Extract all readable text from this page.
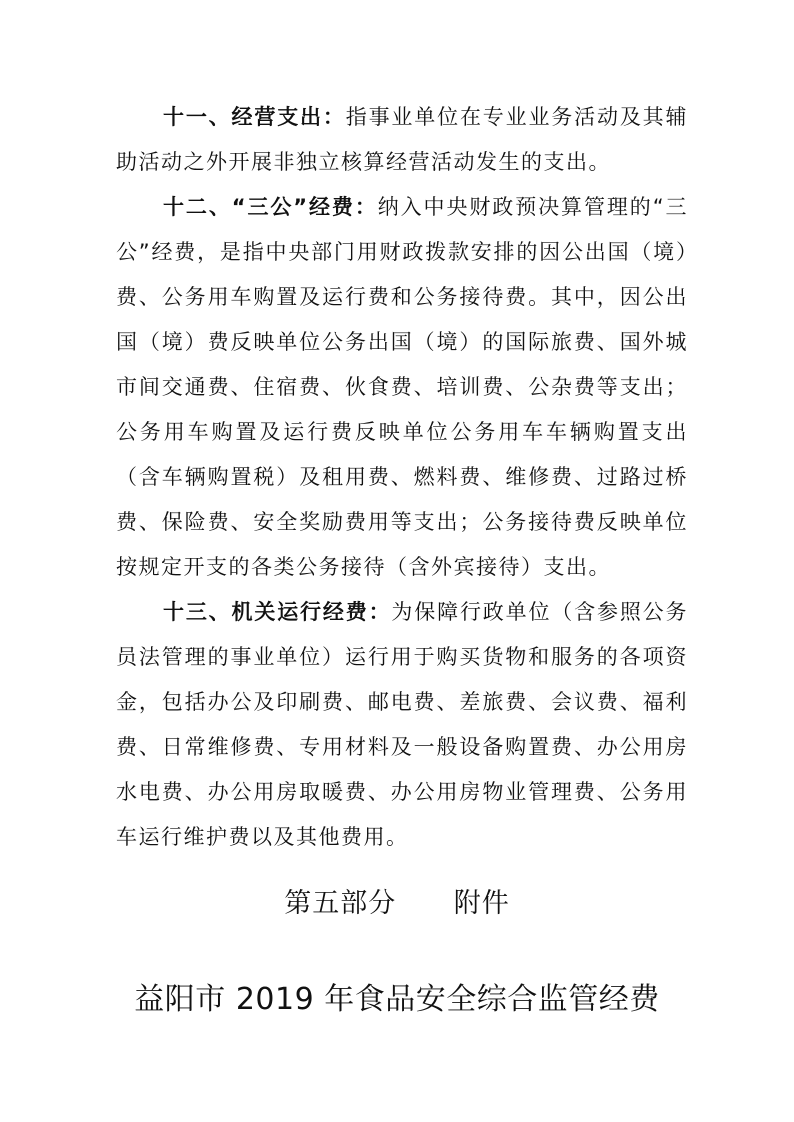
十一、经营支出：指事业单位在专业业务活动及其辅助活动之外开展非独立核算经营活动发生的支出。

十二、“三公”经费：纳入中央财政预决算管理的“三公”经费，是指中央部门用财政拨款安排的因公出国（境）费、公务用车购置及运行费和公务接待费。其中，因公出国（境）费反映单位公务出国（境）的国际旅费、国外城市间交通费、住宿费、伙食费、培训费、公杂费等支出；公务用车购置及运行费反映单位公务用车车辆购置支出（含车辆购置税）及租用费、燃料费、维修费、过路过桥费、保险费、安全奖励费用等支出；公务接待费反映单位按规定开支的各类公务接待（含外宾接待）支出。

十三、机关运行经费：为保障行政单位（含参照公务员法管理的事业单位）运行用于购买货物和服务的各项资金，包括办公及印刷费、邮电费、差旅费、会议费、福利费、日常维修费、专用材料及一般设备购置费、办公用房水电费、办公用房取暖费、办公用房物业管理费、公务用车运行维护费以及其他费用。

第五部分      附件
益阳市 2019 年食品安全综合监管经费
